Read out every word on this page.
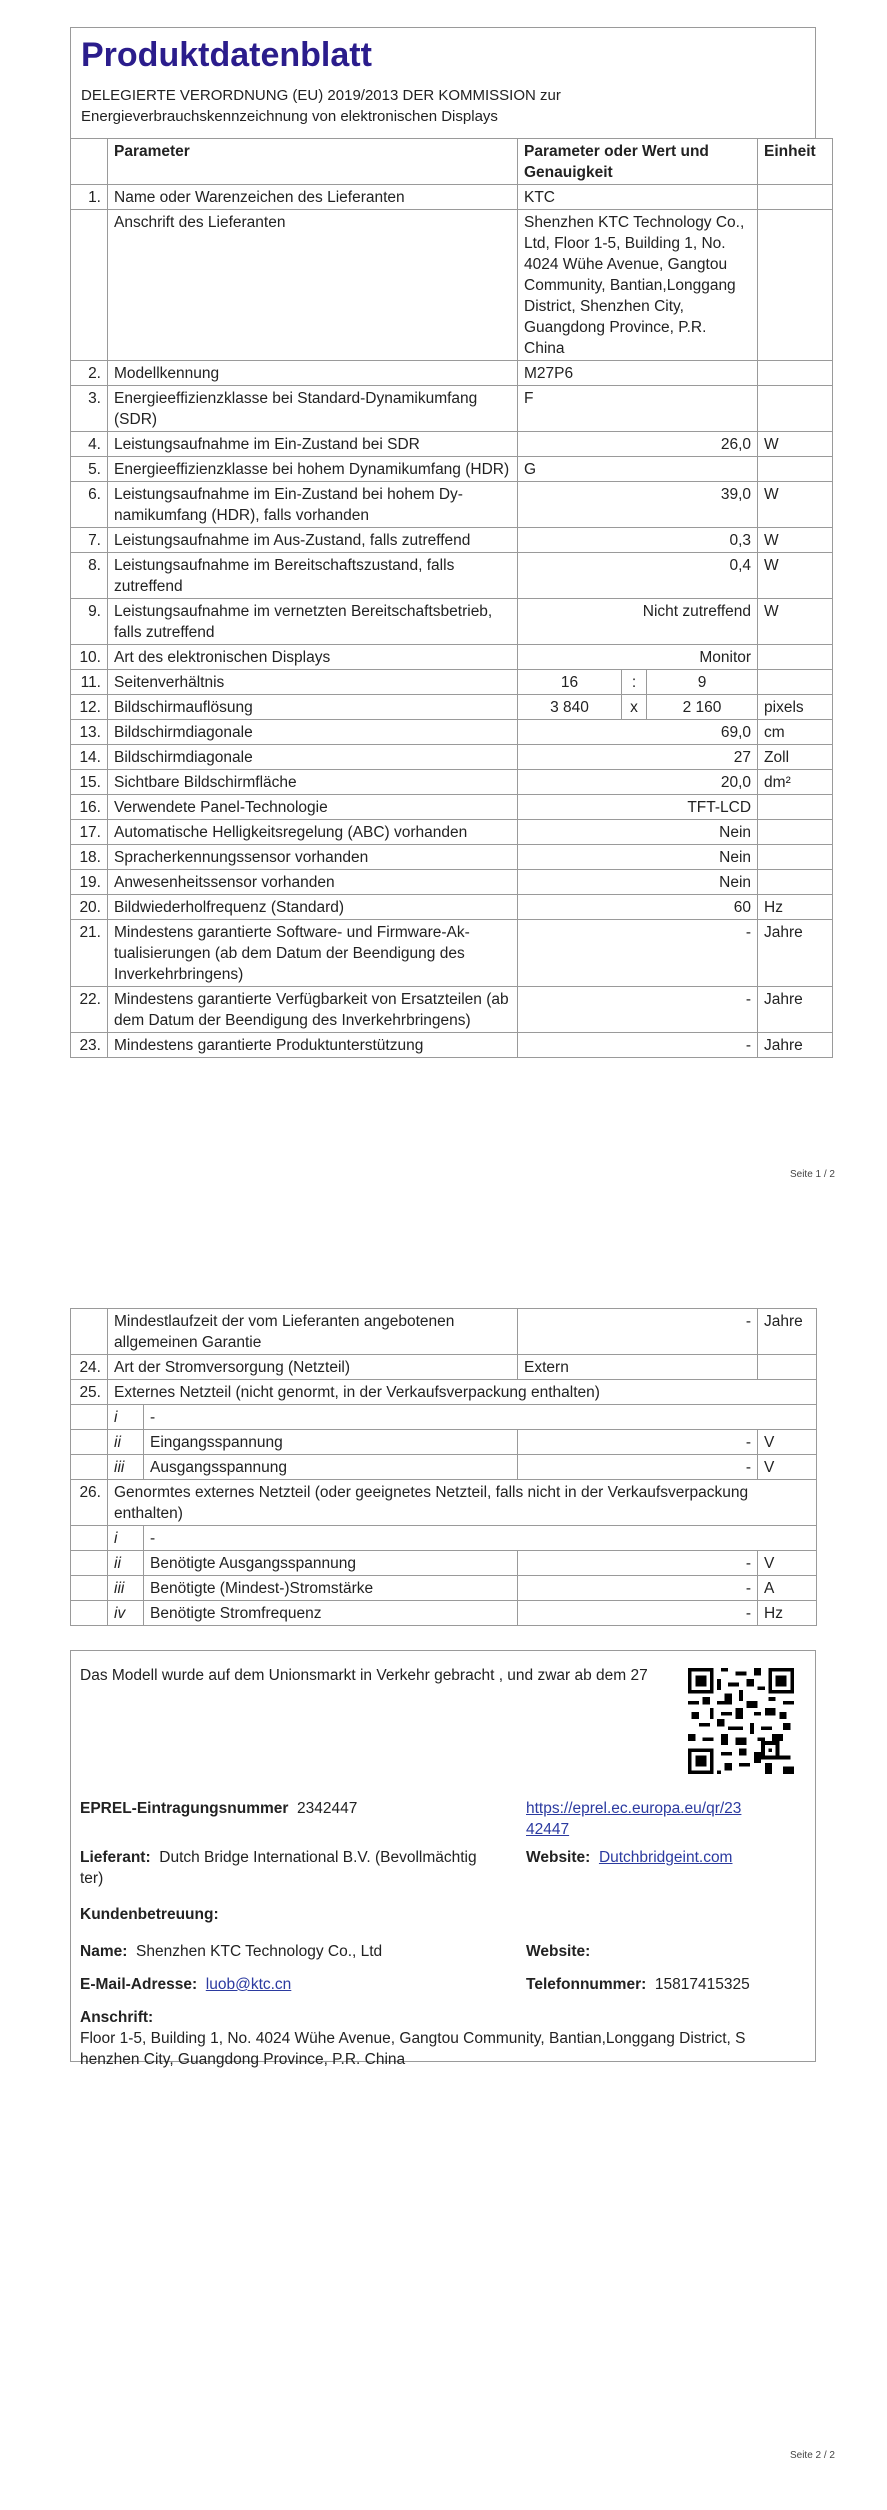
Produktdatenblatt
DELEGIERTE VERORDNUNG (EU) 2019/2013 DER KOMMISSION zur
Energieverbrauchskennzeichnung von elektronischen Displays
	Parameter	Parameter oder Wert und Genauigkeit			Einheit
1.	Name oder Warenzeichen des Lieferanten	KTC			
	Anschrift des Lieferanten	Shenzhen KTC Technology Co., Ltd, Floor 1-5, Building 1, No. 4024 Wühe Avenue, Gangtou Community, Bantian,Longgang District, Shenzhen City, Guangdong Province, P.R. China			
2.	Modellkennung	M27P6			
3.	Energieeffizienzklasse bei Standard-Dynamikumfang (SDR)	F			
4.	Leistungsaufnahme im Ein-Zustand bei SDR	26,0			W
5.	Energieeffizienzklasse bei hohem Dynamikumfang (HDR)	G			
6.	Leistungsaufnahme im Ein-Zustand bei hohem Dynamikumfang (HDR), falls vorhanden	39,0			W
7.	Leistungsaufnahme im Aus-Zustand, falls zutreffend	0,3			W
8.	Leistungsaufnahme im Bereitschaftszustand, falls zutreffend	0,4			W
9.	Leistungsaufnahme im vernetzten Bereitschaftsbetrieb, falls zutreffend	Nicht zutreffend			W
10.	Art des elektronischen Displays	Monitor			
11.	Seitenverhältnis	16	:	9	
12.	Bildschirmauflösung	3 840	x	2 160	pixels
13.	Bildschirmdiagonale	69,0			cm
14.	Bildschirmdiagonale	27			Zoll
15.	Sichtbare Bildschirmfläche	20,0			dm²
16.	Verwendete Panel-Technologie	TFT-LCD			
17.	Automatische Helligkeitsregelung (ABC) vorhanden	Nein			
18.	Spracherkennungssensor vorhanden	Nein			
19.	Anwesenheitssensor vorhanden	Nein			
20.	Bildwiederholfrequenz (Standard)	60			Hz
21.	Mindestens garantierte Software- und Firmware-Aktualisierungen (ab dem Datum der Beendigung des Inverkehrbringens)	-			Jahre
22.	Mindestens garantierte Verfügbarkeit von Ersatzteilen (ab dem Datum der Beendigung des Inverkehrbringens)	-			Jahre
23.	Mindestens garantierte Produktunterstützung	-			Jahre
Seite 1 / 2
	Mindestlaufzeit der vom Lieferanten angebotenen allgemeinen Garantie		-	Jahre
24.	Art der Stromversorgung (Netzteil)		Extern	
25.	Externes Netzteil (nicht genormt, in der Verkaufsverpackung enthalten)			
	i	-		
	ii	Eingangsspannung	-	V
	iii	Ausgangsspannung	-	V
26.	Genormtes externes Netzteil (oder geeignetes Netzteil, falls nicht in der Verkaufsverpackung enthalten)			
	i	-		
	ii	Benötigte Ausgangsspannung	-	V
	iii	Benötigte (Mindest-)Stromstärke	-	A
	iv	Benötigte Stromfrequenz	-	Hz
Das Modell wurde auf dem Unionsmarkt in Verkehr gebracht , und zwar ab dem 27
EPREL-Eintragungsnummer 2342447	https://eprel.ec.europa.eu/qr/23
42447
Lieferant: Dutch Bridge International B.V. (Bevollmächtig
ter)
Website: Dutchbridgeint.com
Kundenbetreuung:
Name: Shenzhen KTC Technology Co., Ltd	Website:
E-Mail-Adresse: luob@ktc.cn	Telefonnummer: 15817415325
Anschrift:
Floor 1-5, Building 1, No. 4024 Wühe Avenue, Gangtou Community, Bantian,Longgang District, S
henzhen City, Guangdong Province, P.R. China
Seite 2 / 2
